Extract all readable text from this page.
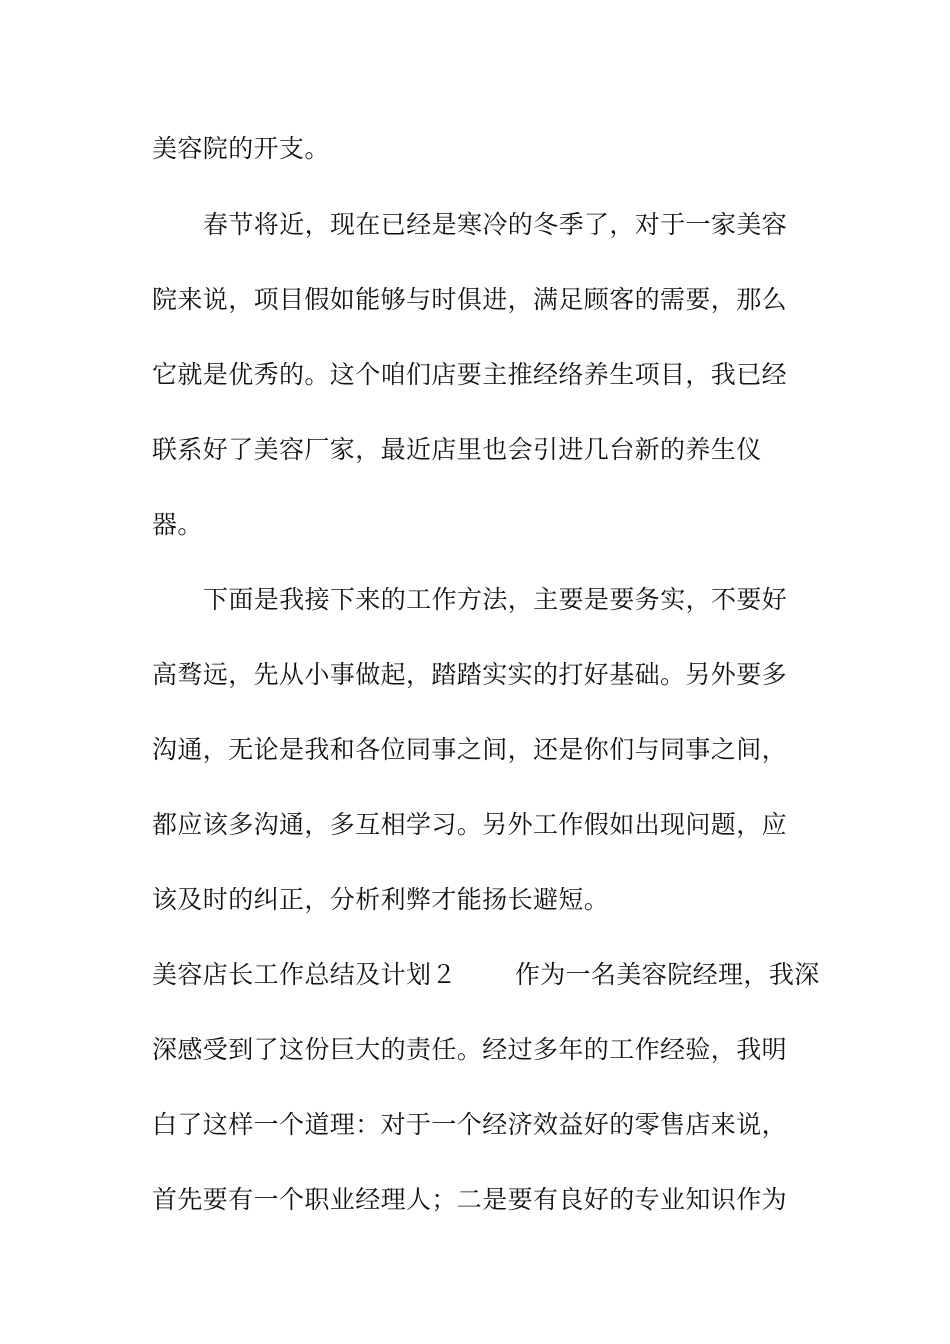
美容院的开支。
春节将近，现在已经是寒冷的冬季了，对于一家美容
院来说，项目假如能够与时俱进，满足顾客的需要，那么
它就是优秀的。这个咱们店要主推经络养生项目，我已经
联系好了美容厂家，最近店里也会引进几台新的养生仪
器。
下面是我接下来的工作方法，主要是要务实，不要好
高骛远，先从小事做起，踏踏实实的打好基础。另外要多
沟通，无论是我和各位同事之间，还是你们与同事之间，
都应该多沟通，多互相学习。另外工作假如出现问题，应
该及时的纠正，分析利弊才能扬长避短。
美容店长工作总结及计划２ 作为一名美容院经理，我深
深感受到了这份巨大的责任。经过多年的工作经验，我明
白了这样一个道理：对于一个经济效益好的零售店来说，
首先要有一个职业经理人；二是要有良好的专业知识作为
